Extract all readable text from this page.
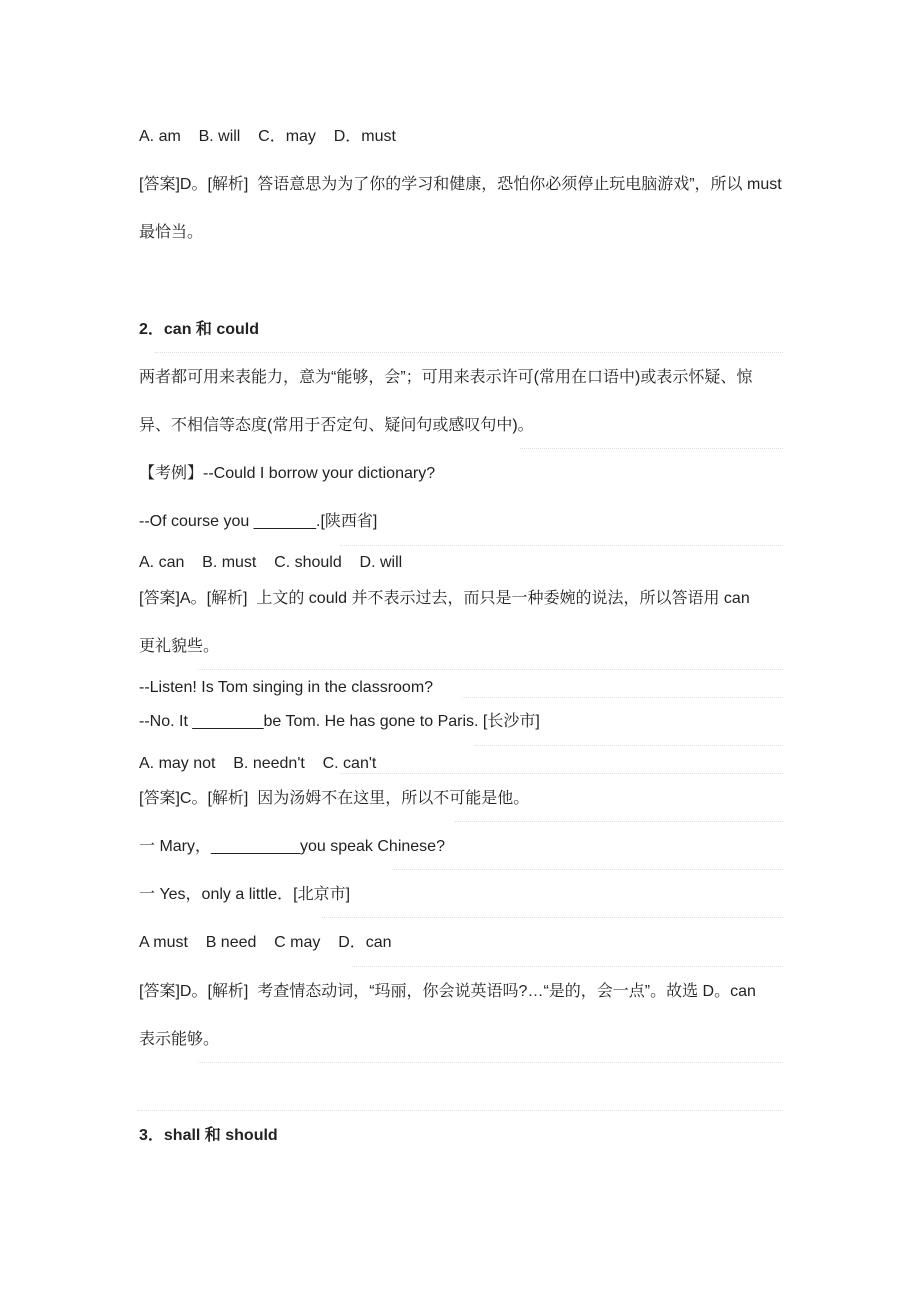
A. am    B. will    C．may    D．must
[答案]D。[解析]  答语意思为为了你的学习和健康，恐怕你必须停止玩电脑游戏”，所以 must
最恰当。
2．can 和 could
两者都可用来表能力，意为“能够，会”；可用来表示许可(常用在口语中)或表示怀疑、惊
异、不相信等态度(常用于否定句、疑问句或感叹句中)。
【考例】--Could I borrow your dictionary?
--Of course you _______.[陕西省]
A. can    B. must    C. should    D. will
[答案]A。[解析]  上文的 could 并不表示过去，而只是一种委婉的说法，所以答语用 can
更礼貌些。
--Listen! Is Tom singing in the classroom?
--No. It ________be Tom. He has gone to Paris. [长沙市]
A. may not    B. needn't    C. can't
[答案]C。[解析]  因为汤姆不在这里，所以不可能是他。
一 Mary，__________you speak Chinese?
一 Yes，only a little．[北京市]
A must    B need    C may    D．can
[答案]D。[解析]  考查情态动词，“玛丽，你会说英语吗?…“是的，会一点”。故选 D。can
表示能够。
3．shall 和 should
